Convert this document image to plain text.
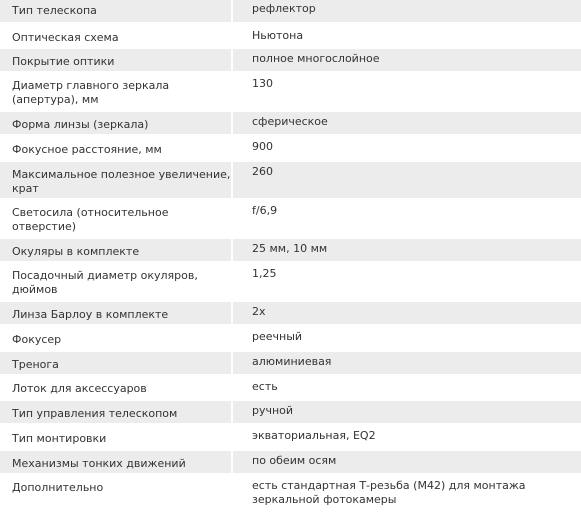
Тип телескопа	рефлектор
Оптическая схема	Ньютона
Покрытие оптики	полное многослойное
Диаметр главного зеркала (апертура), мм	130
Форма линзы (зеркала)	сферическое
Фокусное расстояние, мм	900
Максимальное полезное увеличение, крат	260
Светосила (относительное отверстие)	f/6,9
Окуляры в комплекте	25 мм, 10 мм
Посадочный диаметр окуляров, дюймов	1,25
Линза Барлоу в комплекте	2x
Фокусер	реечный
Тренога	алюминиевая
Лоток для аксессуаров	есть
Тип управления телескопом	ручной
Тип монтировки	экваториальная, EQ2
Механизмы тонких движений	по обеим осям
Дополнительно	есть стандартная Т-резьба (М42) для монтажа зеркальной фотокамеры
